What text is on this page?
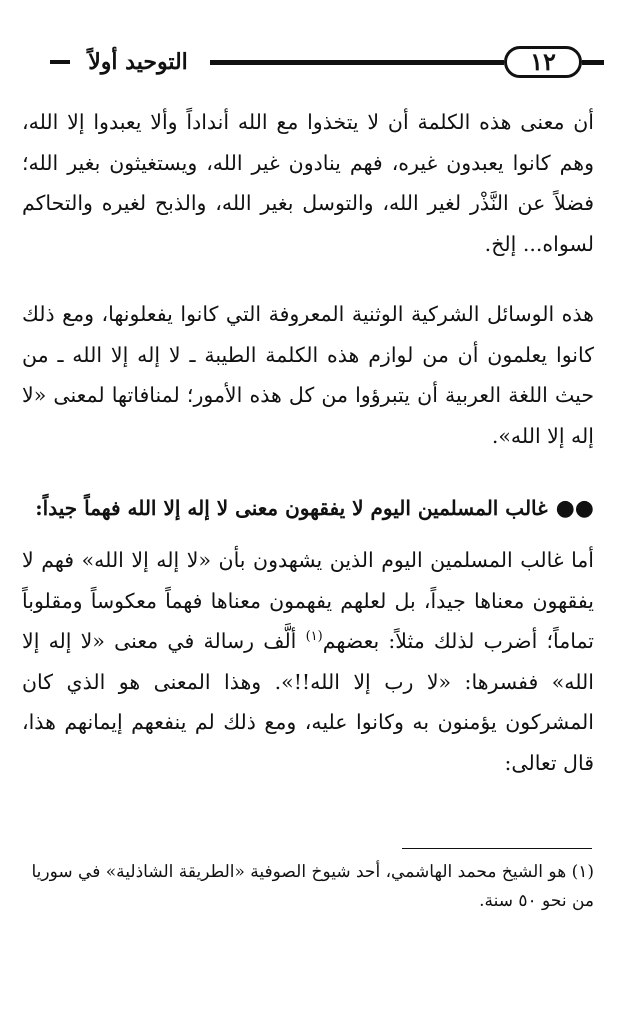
التوحيد أولاً	١٢

أن معنى هذه الكلمة أن لا يتخذوا مع الله أنداداً وألا يعبدوا إلا الله، وهم كانوا يعبدون غيره، فهم ينادون غير الله، ويستغيثون بغير الله؛ فضلاً عن النَّذْر لغير الله، والتوسل بغير الله، والذبح لغيره والتحاكم لسواه... إلخ.

هذه الوسائل الشركية الوثنية المعروفة التي كانوا يفعلونها، ومع ذلك كانوا يعلمون أن من لوازم هذه الكلمة الطيبة ـ لا إله إلا الله ـ من حيث اللغة العربية أن يتبرؤوا من كل هذه الأمور؛ لمنافاتها لمعنى «لا إله إلا الله».

●●غالب المسلمين اليوم لا يفقهون معنى لا إله إلا الله فهماً جيداً:

أما غالب المسلمين اليوم الذين يشهدون بأن «لا إله إلا الله» فهم لا يفقهون معناها جيداً، بل لعلهم يفهمون معناها فهماً معكوساً ومقلوباً تماماً؛ أضرب لذلك مثلاً: بعضهم$^{(١)}$ ألَّف رسالة في معنى «لا إله إلا الله» ففسرها: «لا رب إلا الله!!». وهذا المعنى هو الذي كان المشركون يؤمنون به وكانوا عليه، ومع ذلك لم ينفعهم إيمانهم هذا، قال تعالى:

(١) هو الشيخ محمد الهاشمي، أحد شيوخ الصوفية «الطريقة الشاذلية» في سوريا من نحو ٥٠ سنة.
